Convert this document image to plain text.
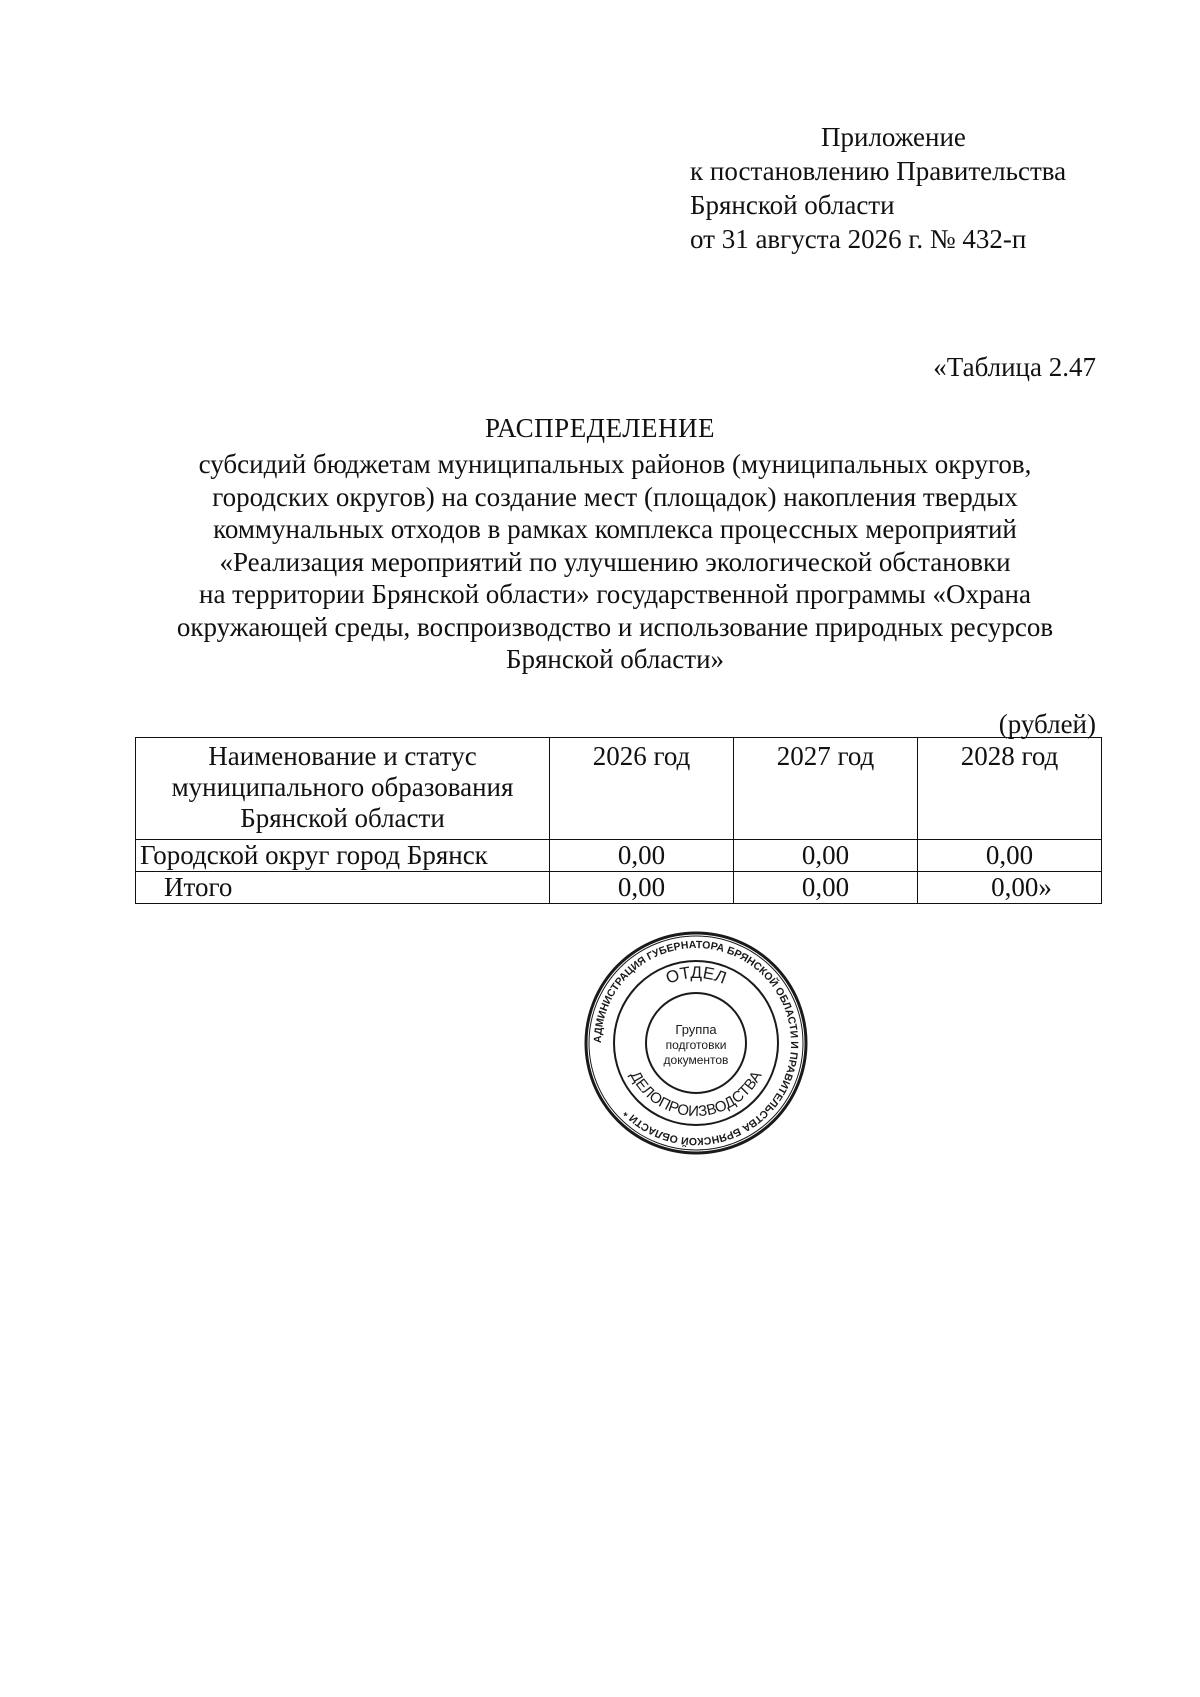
Приложение
к постановлению Правительства
Брянской области
от 31 августа 2026 г. № 432-п
«Таблица 2.47
РАСПРЕДЕЛЕНИЕ
субсидий бюджетам муниципальных районов (муниципальных округов,
городских округов) на создание мест (площадок) накопления твердых
коммунальных отходов в рамках комплекса процессных мероприятий
«Реализация мероприятий по улучшению экологической обстановки
на территории Брянской области» государственной программы «Охрана
окружающей среды, воспроизводство и использование природных ресурсов
Брянской области»
(рублей)
Наименование и статус
муниципального образования
Брянской области	2026 год	2027 год	2028 год
Городской округ город Брянск	0,00	0,00	0,00
Итого	0,00	0,00	0,00»
АДМИНИСТРАЦИЯ ГУБЕРНАТОРА БРЯНСКОЙ ОБЛАСТИ И ПРАВИТЕЛЬСТВА БРЯНСКОЙ ОБЛАСТИ *
ОТДЕЛ
ДЕЛОПРОИЗВОДСТВА
Группа
подготовки
документов
